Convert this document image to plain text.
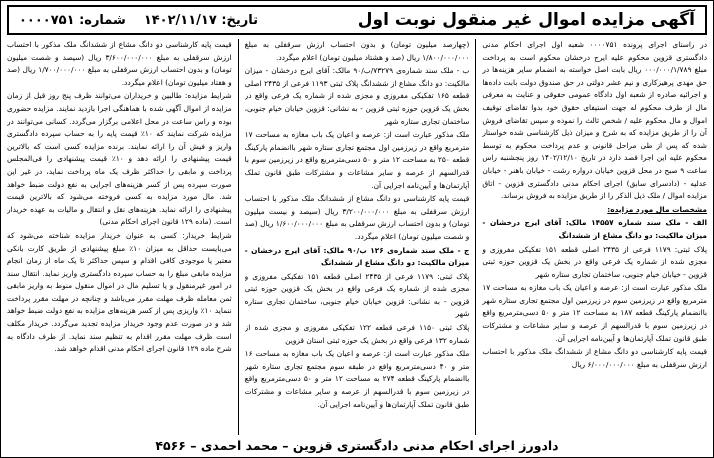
آگهی مزایده اموال غیر منقول نوبت اول
تاریخ: ۱۴۰۲/۱۱/۱۷
شماره: ۰۰۰۰۷۵۱

در راستای اجرای پرونده ۰۰۰۰۷۵۱ شعبه اول اجرای احکام مدنی دادگستری قزوین محکوم علیه ایرج درخشان محکوم است به پرداخت مبلغ ۰۰۰/۰۰۰/۱/۷۸۹ ریال بابت اصل خواسته به انضمام سایر هزینه‌ها در حق مهدی پرهیزکاری و نیم عشر دولتی در حق صندوق دولت بابت داده‌ها و اجرائیه صادره از شعبه اول دادگاه عمومی حقوقی و عنایت به معرفی مال از طرف محکوم له جهت استیفای حقوق خود بدوا تقاضای توقیف اموال و مال محکوم علیه / شخص ثالث را نموده و سپس تقاضای فروش آن را از طریق مزایده که به شرح و میزان ذیل کارشناسی شده خواستار شده که پس از طی مراحل قانونی و عدم پرداخت محکوم به توسط محکوم علیه این اجرا قصد دارد در تاریخ ۱۴۰۲/۱۲/۱۰ روز پنجشنبه راس ساعت ۹ صبح در محل قزوین خیابان درواره رشت - خیابان باهنر - خیابان عدلیه - (دادسرای سابق) اجرای احکام مدنی دادگستری قزوین - اتاق مزایده اموال / ملک ذیل الذکر را از طریق مزایده به فروش برساند.

مشخصات مال مورد مزایده:

الف - ملک سند شماره ۱۴۵۵۷ مالک: آقای ایرج درخشان - میزان مالکیت: دو دانگ مشاع از ششدانگ

پلاک ثبتی: ۱۱۷۹ فرعی از ۲۴۳۵ اصلی قطعه ۱۵۱ تفکیکی مفروزی و مجزی شده از شماره یک فرعی واقع در بخش یک قزوین حوزه ثبتی قزوین - خیابان خیام جنوبی، ساختمان تجاری ستاره شهر

ملک مذکور عبارت است از: عرصه و اعیان یک باب مغازه به مساحت ۱۷ مترمربع واقع در زیرزمین سوم در زیرزمین اول مجتمع تجاری ستاره شهر باانضمام پارکینگ قطعه ۱۸۷ به مساحت ۱۲ متر و ۵۰ دسی‌مترمربع واقع در زیرزمین سوم با قدرالسهم از عرصه و سایر مشاعات و مشترکات طبق قانون تملک آپارتمان‌ها و آیین‌نامه اجرایی آن.

قیمت پایه کارشناسی دو دانگ مشاع از ششدانگ ملک مذکور با احتساب ارزش سرقفلی به مبلغ ۶/۰۰۰/۰۰۰/۰۰۰ ریال

(چهارصد میلیون تومان) و بدون احتساب ارزش سرقفلی به مبلغ ۱/۸۰۰/۰۰۰/۰۰۰ ریال (صد و هشتاد میلیون تومان) اعلام میگردد.

ب - ملک سند شماره‌ی ۷۳۲۷۹/ب/۹۰ مالک: آقای ایرج درخشان - میزان مالکیت: دو دانگ مشاع از ششدانگ پلاک ثبتی ۱۱۹۳ فرعی از ۲۴۳۵ اصلی قطعه ۱۶۵ تفکیکی مفروزی و مجزی شده از شماره یک فرعی واقع در بخش یک قزوین حوزه ثبتی قزوین - به نشانی: قزوین خیابان خیام جنوبی، ساختمان تجاری ستاره شهر

ملک مذکور عبارت است از: عرصه و اعیان یک باب مغازه به مساحت ۱۷ مترمربع واقع در زیرزمین اول مجتمع تجاری ستاره شهر باانضمام پارکینگ قطعه ۲۵۰ به مساحت ۱۲ متر و ۵۰ دسی‌مترمربع واقع در زیرزمین سوم با قدرالسهم از عرصه و سایر مشاعات و مشترکات طبق قانون تملک آپارتمان‌ها و آیین‌نامه اجرایی آن.

قیمت پایه کارشناسی دو دانگ مشاع از ششدانگ ملک مذکور با احتساب ارزش سرقفلی به مبلغ ۳/۲۰۰/۰۰۰/۰۰۰ ریال (سیصد و بیست میلیون تومان) و بدون احتساب ارزش سرقفلی به مبلغ ۱/۶۰۰/۰۰۰/۰۰۰ ریال (صد و شصت میلیون تومان) اعلام میگردد.

ج - ملک سند شماره‌ی ۱۲۶ ب/۹۰ مالک: آقای ایرج درخشان - میزان مالکیت: دو دانگ مشاع از ششدانگ

پلاک ثبتی: ۱۱۷۹ فرعی از ۲۴۳۵ اصلی قطعه ۱۵۱ تفکیکی مفروزی و مجزی شده از شماره یک فرعی واقع در بخش یک قزوین حوزه ثبتی قزوین - به نشانی: قزوین خیابان خیام جنوبی، ساختمان تجاری ستاره شهر

پلاک ثبتی ۱۱۵۰ فرعی قطعه ۱۲۲ تفکیکی مفروزی و مجزی شده از شماره ۱۳۲ فرعی واقع در بخش یک حوزه ثبتی استان قزوین

ملک مذکور عبارت است از: عرصه و اعیان یک باب مغازه به مساحت ۱۶ متر و ۴۰ دسی‌مترمربع واقع در طبقه سوم مجتمع تجاری ستاره شهر باانضمام پارکینگ قطعه ۲۷۴ به مساحت ۱۲ متر و ۵۰ دسی‌مترمربع واقع در زیرزمین سوم با قدرالسهم از عرصه و سایر مشاعات و مشترکات طبق قانون تملک آپارتمان‌ها و آیین‌نامه اجرایی آن.

قیمت پایه کارشناسی دو دانگ مشاع از ششدانگ ملک مذکور با احتساب ارزش سرقفلی به مبلغ ۳/۶۰۰/۰۰۰/۰۰۰ ریال (سیصد و شصت میلیون تومان) و بدون احتساب ارزش سرقفلی به مبلغ ۱/۷۰۰/۰۰۰/۰۰۰ ریال (صد و هفتاد میلیون تومان) اعلام میگردد.

شرایط مزایده: طالبین و خریداران می‌توانند ظرف پنج روز قبل از زمان مزایده از اموال آگهی شده با هماهنگی اجرا بازدید نمایند. مزایده حضوری بوده و راس ساعت در محل اعلامی برگزار می‌گردد. کسانی می‌توانند در مزایده شرکت نمایند که ۱۰٪ قیمت پایه را به حساب سپرده دادگستری واریز و فیش آن را ارائه نمایند. برنده مزایده کسی است که بالاترین قیمت پیشنهادی را ارائه دهد و ۱۰٪ قیمت پیشنهادی را فی‌المجلس پرداخت و مابقی را حداکثر ظرف یک ماه پرداخت نماید، در غیر این صورت سپرده پس از کسر هزینه‌های اجرایی به نفع دولت ضبط خواهد شد. مال مورد مزایده به کسی فروخته می‌شود که بالاترین قیمت پیشنهادی را ارائه نماید. هزینه‌های نقل و انتقال و مالیات به عهده خریدار است. (ماده ۱۲۹ قانون اجرای احکام مدنی)

شرایط خریدار: کسی به عنوان خریدار مزایده شناخته می‌شود که می‌بایست حداقل به میزان ۱۰٪ مبلغ پیشنهادی از طریق کارت بانکی معتبر یا موجودی کافی اقدام و سپس حداکثر تا یک ماه از زمان انجام مزایده مابقی مبلغ را به حساب سپرده دادگستری واریز نماید. انتقال سند در امور غیرمنقول و یا تسلیم مال در اموال منقول منوط به واریز مابقی ثمن معامله ظرف مهلت مقرر می‌باشد و چنانچه در مهلت مقرر پرداخت ننماید ۱۰٪ واریزی پس از کسر هزینه‌های مزایده به نفع دولت ضبط خواهد شد و در صورت عدم وجود خریدار مزایده تجدید می‌گردد. خریدار مکلف است ظرف مهلت مقرر اقدام به تنظیم سند نماید. از طرف دادگاه به شرح ماده ۱۲۹ قانون اجرای احکام مدنی اقدام خواهد شد.

دادورز اجرای احکام مدنی دادگستری قزوین – محمد احمدی – ۴۵۶۶
